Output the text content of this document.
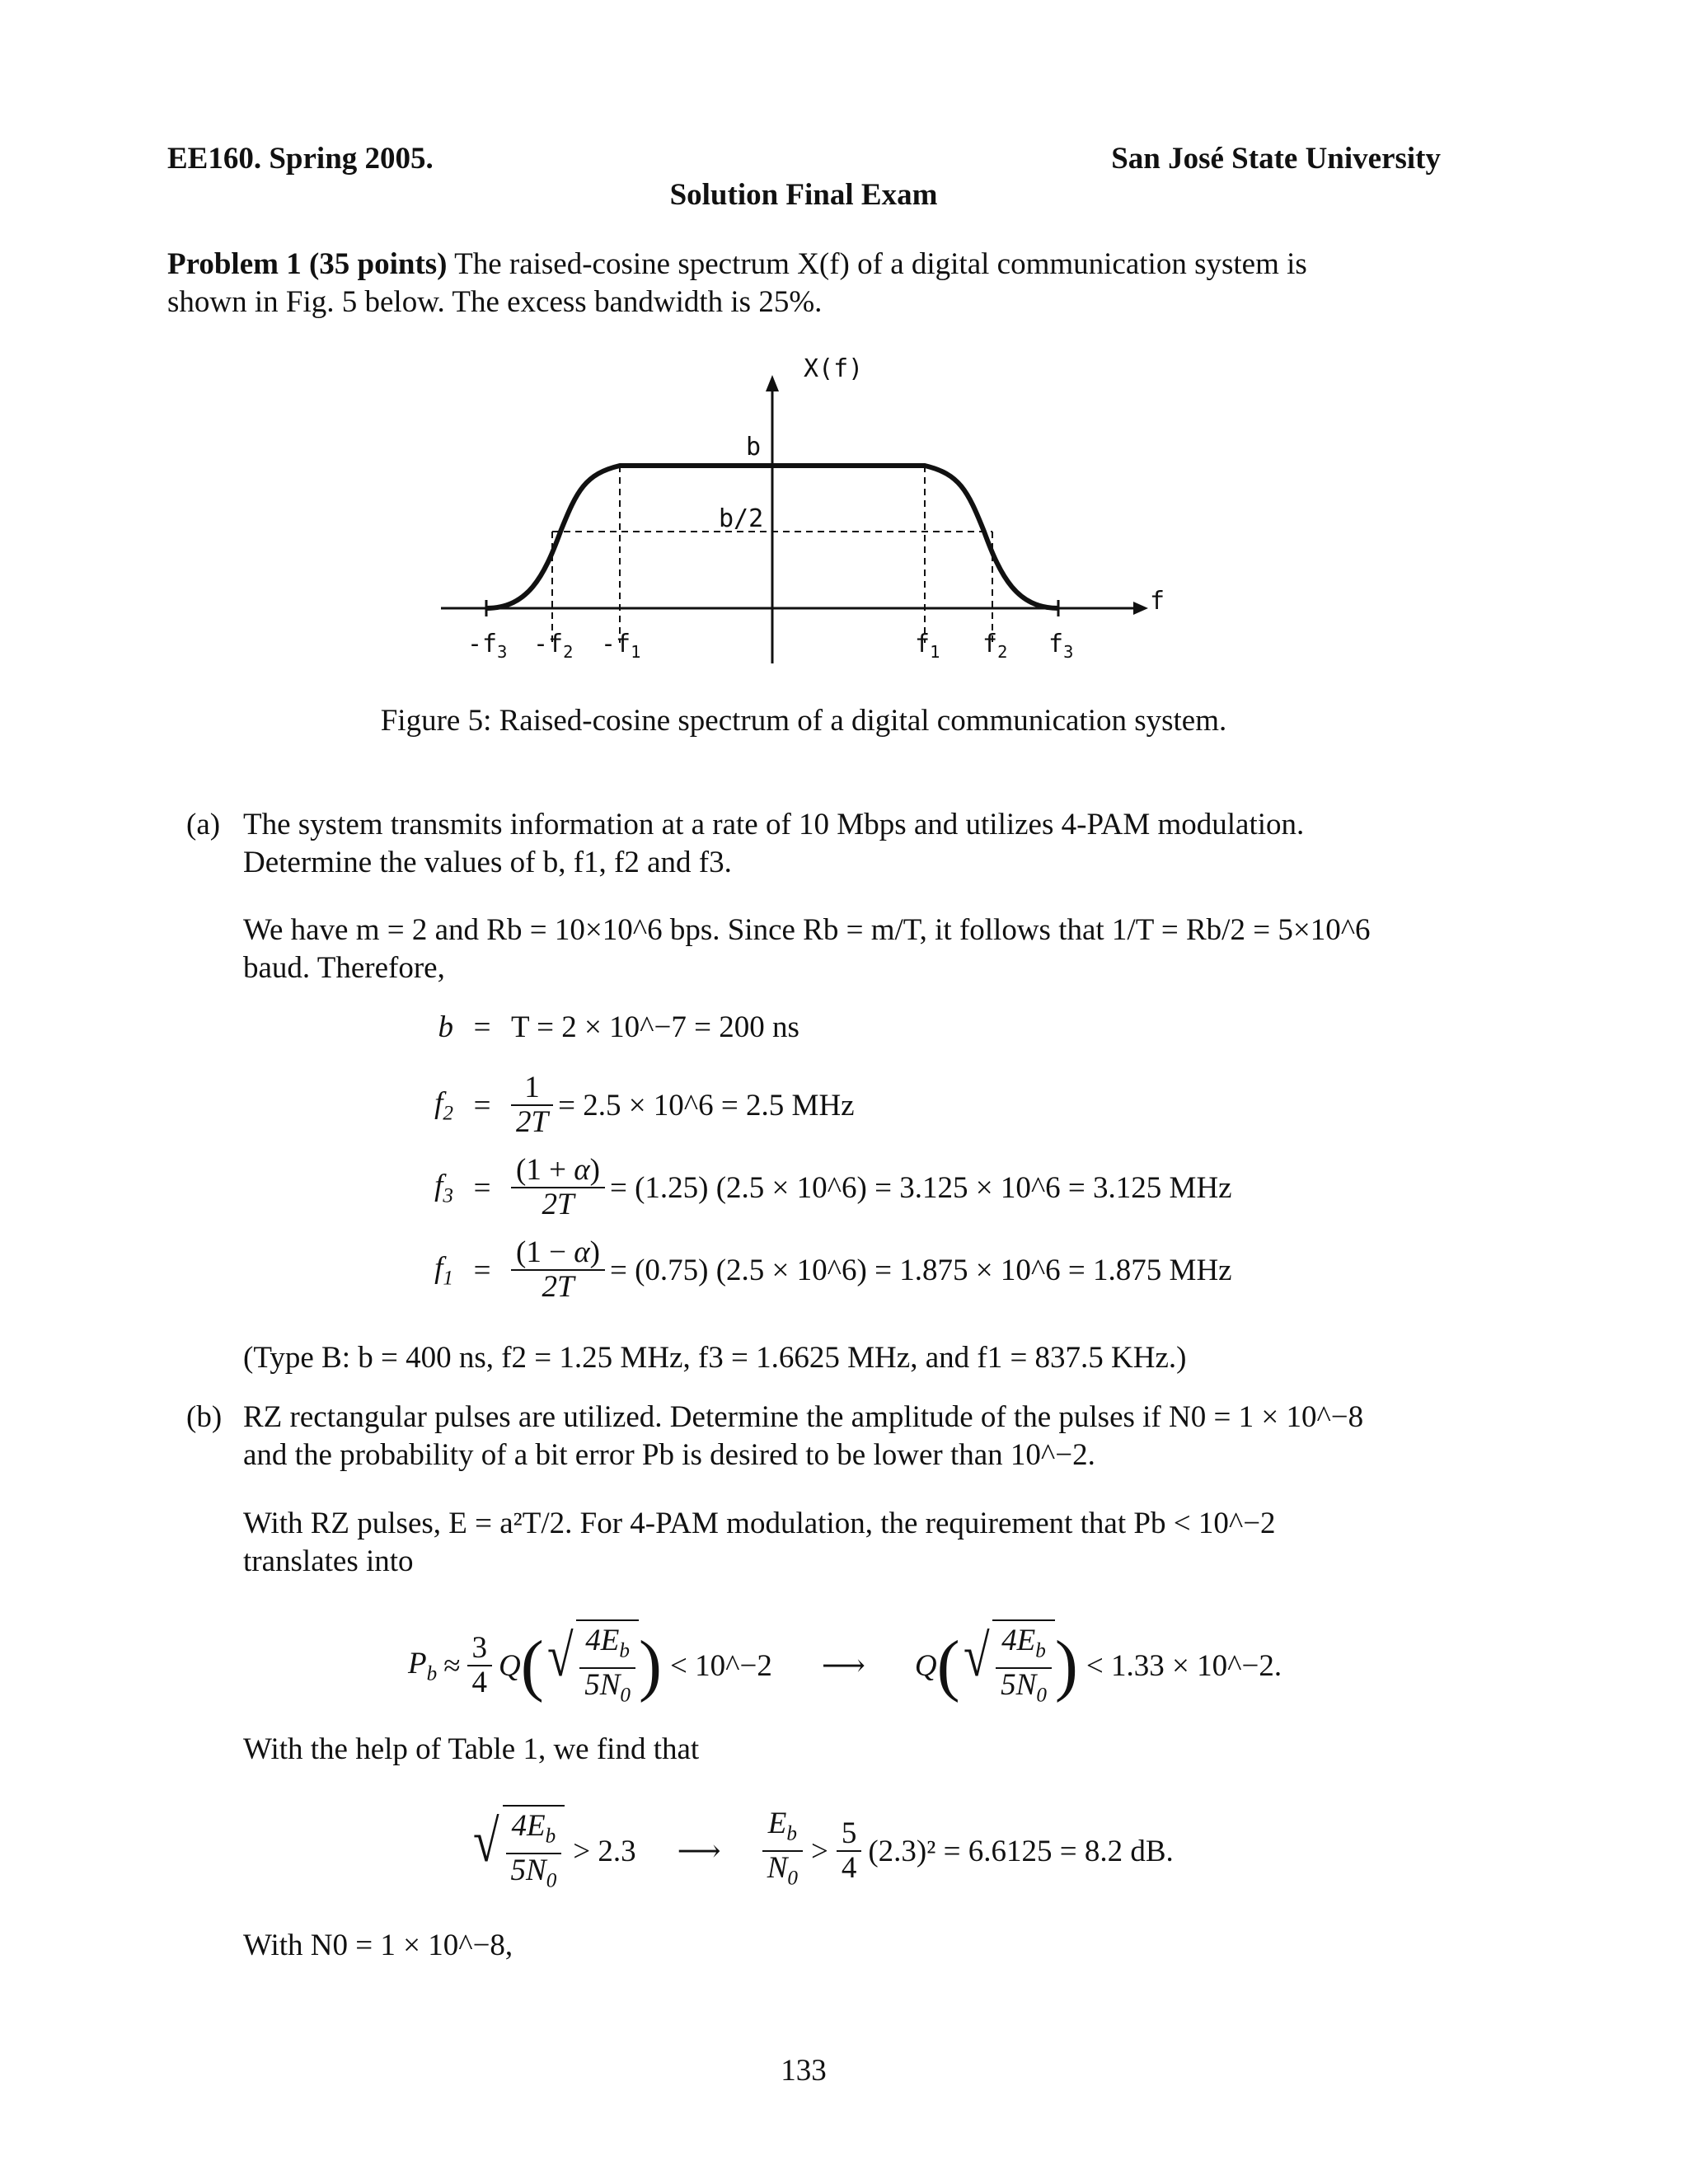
EE160. Spring 2005.	San José State University
Solution Final Exam
Problem 1 (35 points) The raised-cosine spectrum X(f) of a digital communication system is
shown in Fig. 5 below. The excess bandwidth is 25%.
X(f)
f
b
b/2
$-f_3$ $-f_2$ $-f_1$	$f_1$ $f_2$ $f_3$
Figure 5: Raised-cosine spectrum of a digital communication system.
(a) The system transmits information at a rate of 10 Mbps and utilizes 4-PAM modulation.
Determine the values of b, f1, f2 and f3.
We have m = 2 and Rb = 10×10^6 bps. Since Rb = m/T, it follows that 1/T = Rb/2 = 5×10^6
baud. Therefore,
b = T = 2 × 10^−7 = 200 ns
$f_2 = \frac{1}{2T} = 2.5$ × 10^6 = 2.5 MHz
$f_3 = \frac{(1 + \alpha)}{2T} = (1.25) (2.5$ × 10^6) = 3.125 × 10^6 = 3.125 MHz
$f_1 = \frac{(1 - \alpha)}{2T} = (0.75) (2.5$ × 10^6) = 1.875 × 10^6 = 1.875 MHz
(Type B: b = 400 ns, f2 = 1.25 MHz, f3 = 1.6625 MHz, and f1 = 837.5 KHz.)
(b) RZ rectangular pulses are utilized. Determine the amplitude of the pulses if N0 = 1 × 10^−8
and the probability of a bit error Pb is desired to be lower than 10^−2.
With RZ pulses, E = a²T/2. For 4-PAM modulation, the requirement that Pb < 10^−2
translates into
$P_b \approx \frac{3}{4}$ Q ( √ $\frac{4E_b}{5N_0}$ ) < 10^−2 ⟶ Q ( √ $\frac{4E_b}{5N_0}$ ) < 1.33 × 10^−2.
With the help of Table 1, we find that
√ $\frac{4E_b}{5N_0} > 2.3$ ⟶ $\frac{E_b}{N_0} > \frac{5}{4} (2.3)^2 = 6.6125 = 8.2$ dB.
With N0 = 1 × 10^−8,
133
